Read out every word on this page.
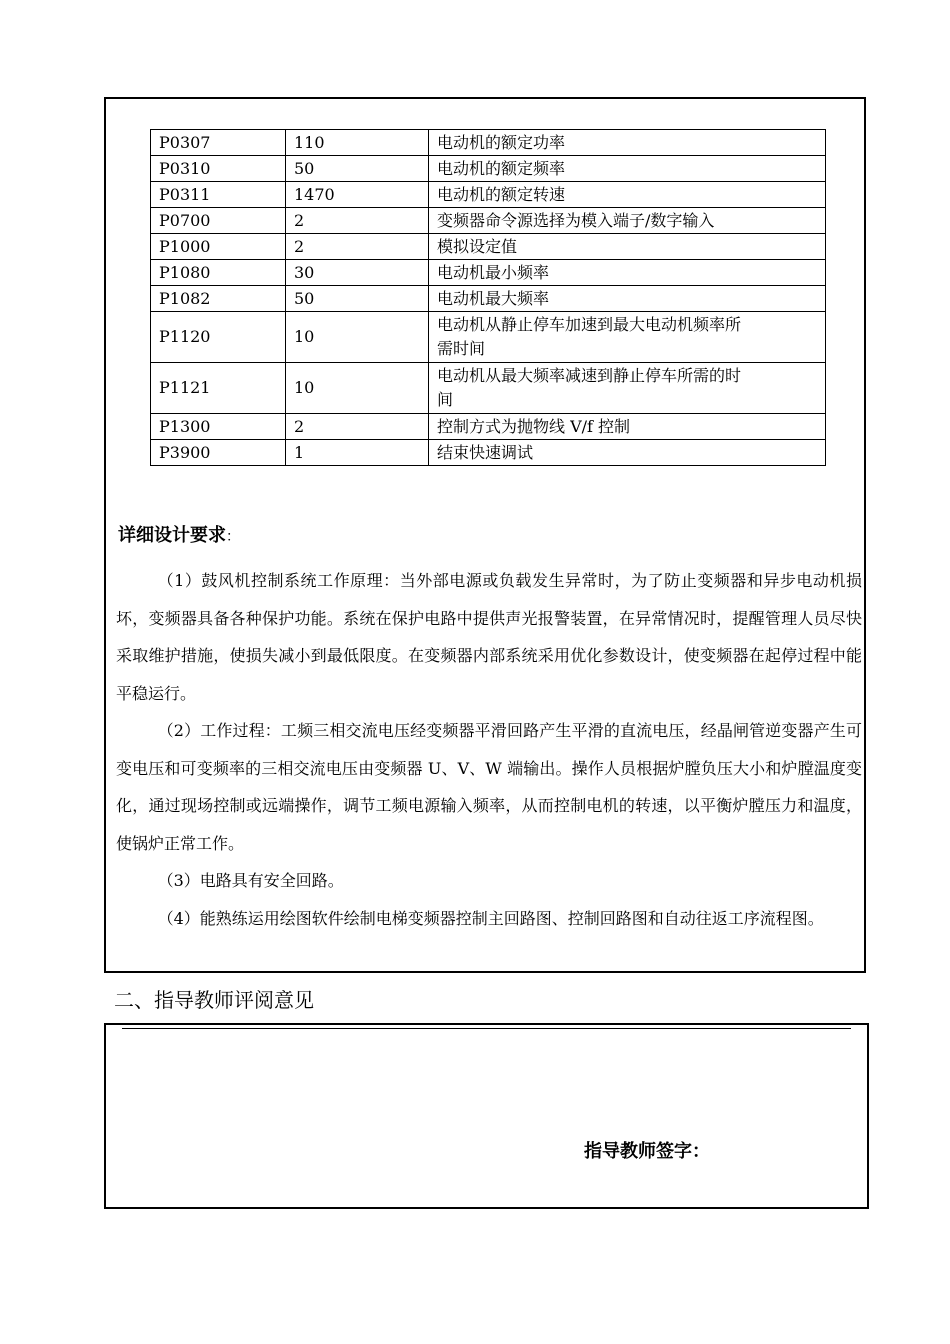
P0307	110	电动机的额定功率
P0310	50	电动机的额定频率
P0311	1470	电动机的额定转速
P0700	2	变频器命令源选择为模入端子/数字输入
P1000	2	模拟设定值
P1080	30	电动机最小频率
P1082	50	电动机最大频率
P1120	10	电动机从静止停车加速到最大电动机频率所
需时间

P1121	10	电动机从最大频率减速到静止停车所需的时
间

P1300	2	控制方式为抛物线 V/f 控制
P3900	1	结束快速调试
详细设计要求：

（1）鼓风机控制系统工作原理：当外部电源或负载发生异常时，为了防止变频器和异步电动机损坏，变频器具备各种保护功能。系统在保护电路中提供声光报警装置，在异常情况时，提醒管理人员尽快采取维护措施，使损失减小到最低限度。在变频器内部系统采用优化参数设计，使变频器在起停过程中能平稳运行。

（2）工作过程：工频三相交流电压经变频器平滑回路产生平滑的直流电压，经晶闸管逆变器产生可变电压和可变频率的三相交流电压由变频器 U、V、W 端输出。操作人员根据炉膛负压大小和炉膛温度变化，通过现场控制或远端操作，调节工频电源输入频率，从而控制电机的转速，以平衡炉膛压力和温度，使锅炉正常工作。

（3）电路具有安全回路。

（4）能熟练运用绘图软件绘制电梯变频器控制主回路图、控制回路图和自动往返工序流程图。

二、指导教师评阅意见
指导教师签字：
